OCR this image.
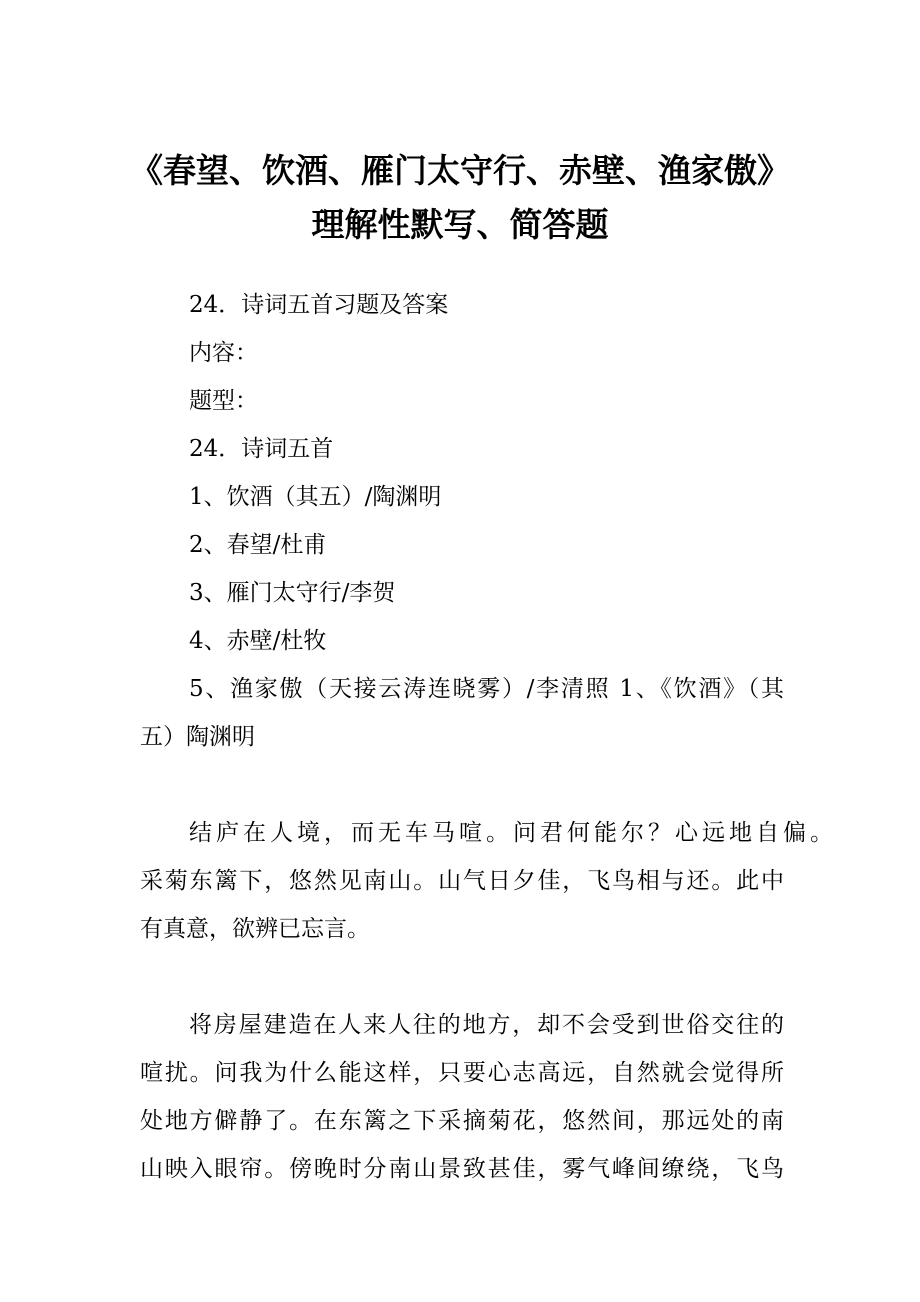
《春望、饮酒、雁门太守行、赤壁、渔家傲》
理解性默写、简答题
24．诗词五首习题及答案
内容：
题型：
24．诗词五首
1、饮酒（其五）/陶渊明
2、春望/杜甫
3、雁门太守行/李贺
4、赤壁/杜牧
5、渔家傲（天接云涛连晓雾）/李清照 1、《饮酒》（其
五）陶渊明
结庐在人境，而无车马喧。问君何能尔？心远地自偏。
采菊东篱下，悠然见南山。山气日夕佳，飞鸟相与还。此中
有真意，欲辨已忘言。
将房屋建造在人来人往的地方，却不会受到世俗交往的
喧扰。问我为什么能这样，只要心志高远，自然就会觉得所
处地方僻静了。在东篱之下采摘菊花，悠然间，那远处的南
山映入眼帘。傍晚时分南山景致甚佳，雾气峰间缭绕，飞鸟
